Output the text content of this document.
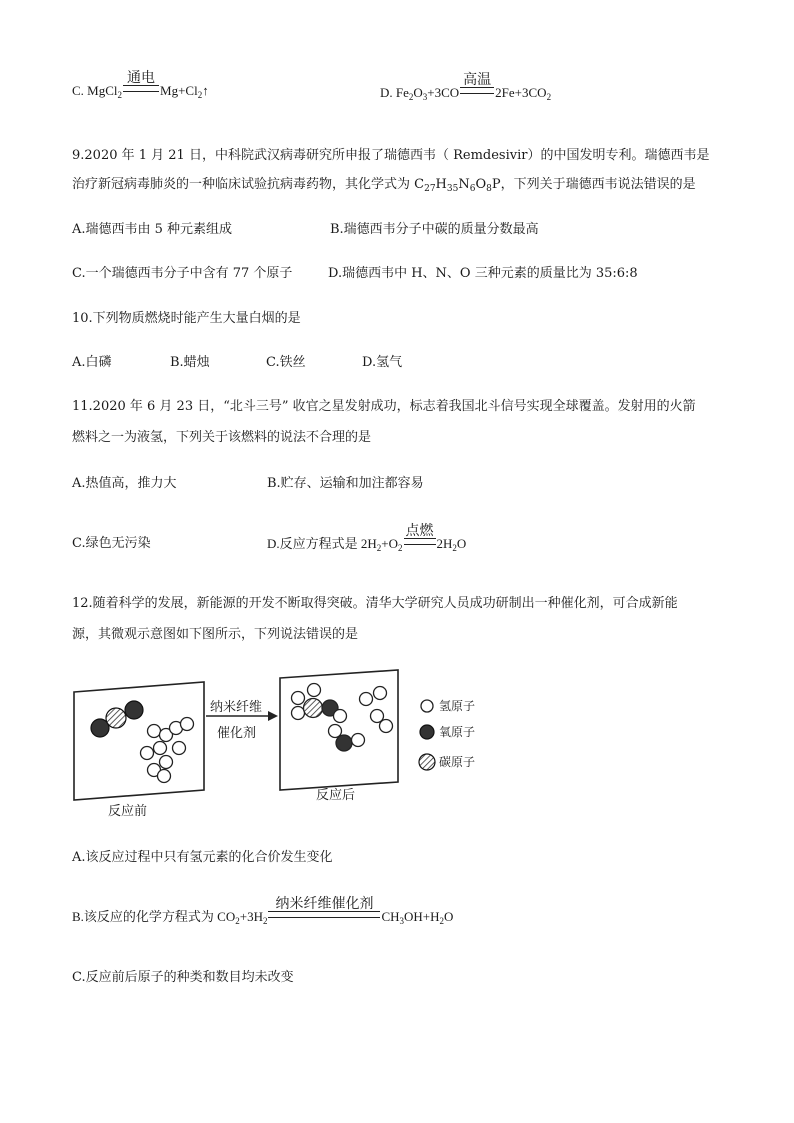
C. MgCl$_2$
通电
$Mg+Cl_2↑$	D. $Fe_2O_3+3CO$
高温
$2Fe+3CO_2$
9.2020 年 1 月 21 日，中科院武汉病毒研究所申报了瑞德西韦（ Remdesivir）的中国发明专利。瑞德西韦是
治疗新冠病毒肺炎的一种临床试验抗病毒药物，其化学式为 $C_{27}H_{35}N_6O_8P$，下列关于瑞德西韦说法错误的是
A.瑞德西韦由 5 种元素组成	B.瑞德西韦分子中碳的质量分数最高
C.一个瑞德西韦分子中含有 77 个原子	D.瑞德西韦中 H、N、O 三种元素的质量比为 35:6:8
10.下列物质燃烧时能产生大量白烟的是
A.白磷	B.蜡烛	C.铁丝	D.氢气
11.2020 年 6 月 23 日，“北斗三号” 收官之星发射成功，标志着我国北斗信号实现全球覆盖。发射用的火箭
燃料之一为液氢，下列关于该燃料的说法不合理的是
A.热值高，推力大	B.贮存、运输和加注都容易
C.绿色无污染	D.反应方程式是 $2H_2+O_2$
点燃
$2H_2O$
12.随着科学的发展，新能源的开发不断取得突破。清华大学研究人员成功研制出一种催化剂，可合成新能
源，其微观示意图如下图所示，下列说法错误的是
纳米纤维
催化剂
反应前
反应后
氢原子
氧原子
碳原子
A.该反应过程中只有氢元素的化合价发生变化
B.该反应的化学方程式为 $CO_2+3H_2$
纳米纤维催化剂
$CH_3OH+H_2O$
C.反应前后原子的种类和数目均未改变
